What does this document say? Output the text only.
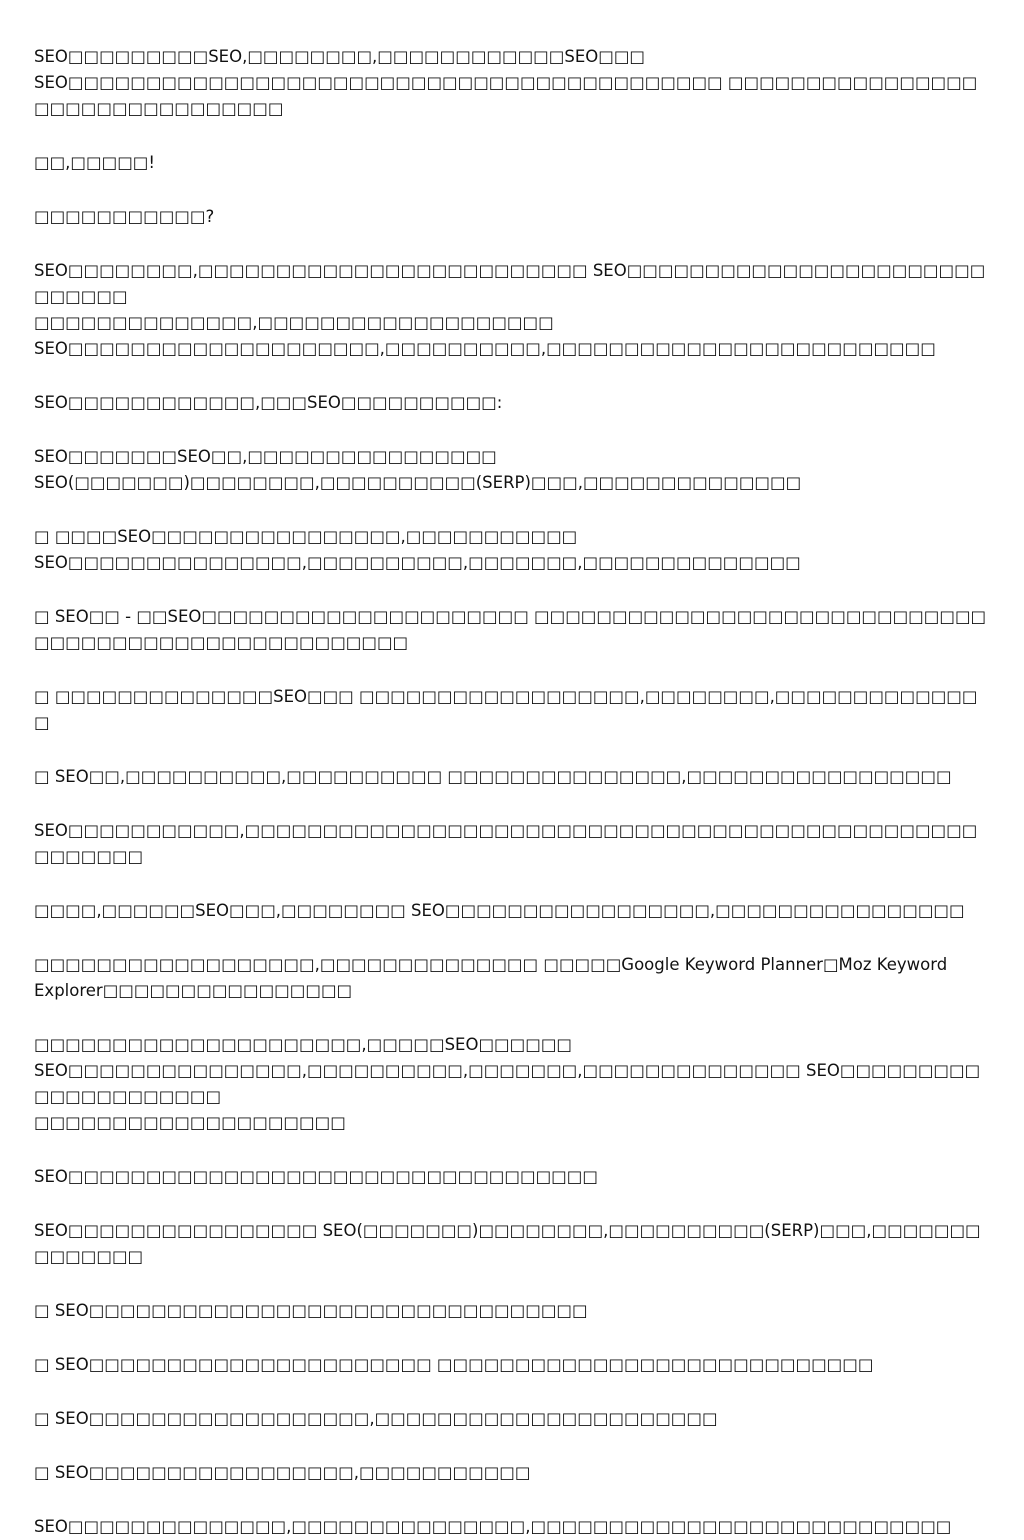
SEO□□□□□□□□□SEO,□□□□□□□□,□□□□□□□□□□□□SEO□□□
SEO□□□□□□□□□□□□□□□□□□□□□□□□□□□□□□□□□□□□□□□□□□ □□□□□□□□□□□□□□□□□□□□□□□□□□□□□□□□

□□,□□□□□!

□□□□□□□□□□□?

SEO□□□□□□□□,□□□□□□□□□□□□□□□□□□□□□□□□□ SEO□□□□□□□□□□□□□□□□□□□□□□□□□□□□□
□□□□□□□□□□□□□□,□□□□□□□□□□□□□□□□□□□
SEO□□□□□□□□□□□□□□□□□□□□,□□□□□□□□□□,□□□□□□□□□□□□□□□□□□□□□□□□□

SEO□□□□□□□□□□□□,□□□SEO□□□□□□□□□□:

SEO□□□□□□□SEO□□,□□□□□□□□□□□□□□□□
SEO(□□□□□□□)□□□□□□□□,□□□□□□□□□□(SERP)□□□,□□□□□□□□□□□□□□

□ □□□□SEO□□□□□□□□□□□□□□□□,□□□□□□□□□□□
SEO□□□□□□□□□□□□□□□,□□□□□□□□□□,□□□□□□□,□□□□□□□□□□□□□□

□ SEO□□ - □□SEO□□□□□□□□□□□□□□□□□□□□□ □□□□□□□□□□□□□□□□□□□□□□□□□□□□□
□□□□□□□□□□□□□□□□□□□□□□□□

□ □□□□□□□□□□□□□□SEO□□□ □□□□□□□□□□□□□□□□□□,□□□□□□□□,□□□□□□□□□□□□□□

□ SEO□□,□□□□□□□□□□,□□□□□□□□□□ □□□□□□□□□□□□□□□,□□□□□□□□□□□□□□□□□

SEO□□□□□□□□□□□,□□□□□□□□□□□□□□□□□□□□□□□□□□□□□□□□□□□□□□□□□□□□□□□□□□□□□□

□□□□,□□□□□□SEO□□□,□□□□□□□□ SEO□□□□□□□□□□□□□□□□□,□□□□□□□□□□□□□□□□

□□□□□□□□□□□□□□□□□□,□□□□□□□□□□□□□□ □□□□□Google Keyword Planner□Moz Keyword
Explorer□□□□□□□□□□□□□□□□

□□□□□□□□□□□□□□□□□□□□□,□□□□□SEO□□□□□□
SEO□□□□□□□□□□□□□□□,□□□□□□□□□□,□□□□□□□,□□□□□□□□□□□□□□ SEO□□□□□□□□□□□□□□□□□□□□□
□□□□□□□□□□□□□□□□□□□□

SEO□□□□□□□□□□□□□□□□□□□□□□□□□□□□□□□□□□

SEO□□□□□□□□□□□□□□□□ SEO(□□□□□□□)□□□□□□□□,□□□□□□□□□□(SERP)□□□,□□□□□□□□□□□□□□

□ SEO□□□□□□□□□□□□□□□□□□□□□□□□□□□□□□□□

□ SEO□□□□□□□□□□□□□□□□□□□□□□ □□□□□□□□□□□□□□□□□□□□□□□□□□□□

□ SEO□□□□□□□□□□□□□□□□□□,□□□□□□□□□□□□□□□□□□□□□□

□ SEO□□□□□□□□□□□□□□□□□,□□□□□□□□□□□

SEO□□□□□□□□□□□□□□,□□□□□□□□□□□□□□□,□□□□□□□□□□□□□□□□□□□□□□□□□□□
